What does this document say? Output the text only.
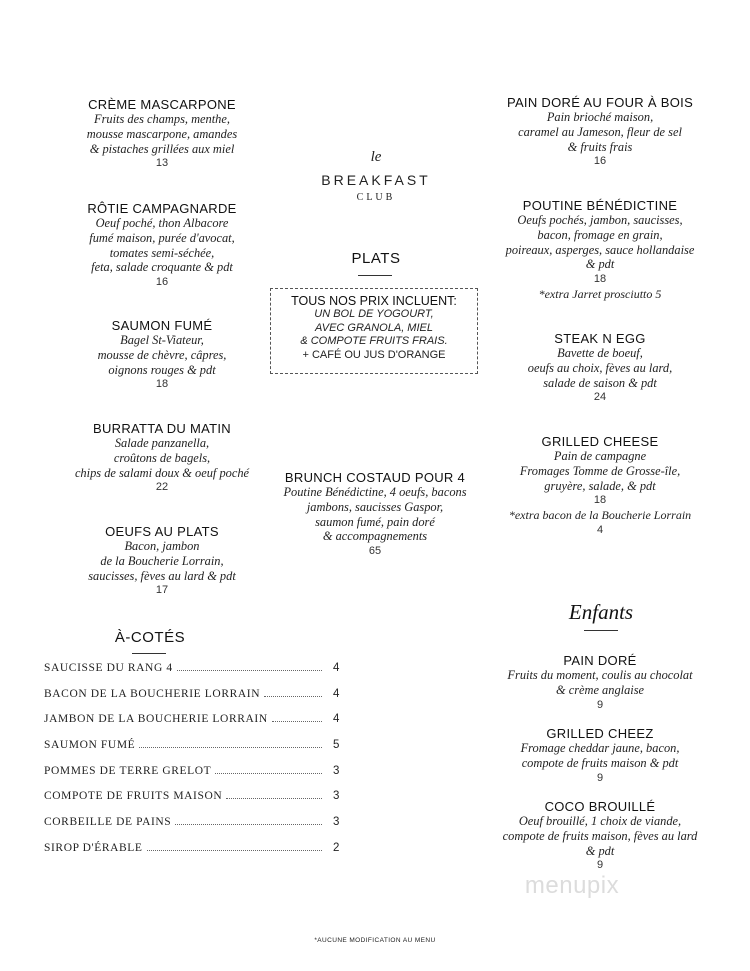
le
BREAKFAST
CLUB
CRÈME MASCARPONE
Fruits des champs, menthe,
mousse mascarpone, amandes
& pistaches grillées aux miel
13
RÔTIE CAMPAGNARDE
Oeuf poché, thon Albacore
fumé maison, purée d'avocat,
tomates semi-séchée,
feta, salade croquante & pdt
16
SAUMON FUMÉ
Bagel St-Viateur,
mousse de chèvre, câpres,
oignons rouges & pdt
18
BURRATTA DU MATIN
Salade panzanella,
croûtons de bagels,
chips de salami doux & oeuf poché
22
OEUFS AU PLATS
Bacon, jambon
de la Boucherie Lorrain,
saucisses, fèves au lard & pdt
17
PLATS
TOUS NOS PRIX INCLUENT:
UN BOL DE YOGOURT,
AVEC GRANOLA, MIEL
& COMPOTE FRUITS FRAIS.
+ CAFÉ OU JUS D'ORANGE
BRUNCH COSTAUD POUR 4
Poutine Bénédictine, 4 oeufs, bacons
jambons, saucisses Gaspor,
saumon fumé, pain doré
& accompagnements
65
PAIN DORÉ AU FOUR À BOIS
Pain brioché maison,
caramel au Jameson, fleur de sel
& fruits frais
16
POUTINE BÉNÉDICTINE
Oeufs pochés, jambon, saucisses,
bacon, fromage en grain,
poireaux, asperges, sauce hollandaise
& pdt
18
*extra Jarret prosciutto 5
STEAK N EGG
Bavette de boeuf,
oeufs au choix, fèves au lard,
salade de saison & pdt
24
GRILLED CHEESE
Pain de campagne
Fromages Tomme de Grosse-île,
gruyère, salade, & pdt
18
*extra bacon de la Boucherie Lorrain
4
À-COTÉS
SAUCISSE DU RANG 4	4
BACON DE LA BOUCHERIE LORRAIN	4
JAMBON DE LA BOUCHERIE LORRAIN	4
SAUMON FUMÉ	5
POMMES DE TERRE GRELOT	3
COMPOTE DE FRUITS MAISON	3
CORBEILLE DE PAINS	3
SIROP D'ÉRABLE	2
Enfants
PAIN DORÉ
Fruits du moment, coulis au chocolat
& crème anglaise
9
GRILLED CHEEZ
Fromage cheddar jaune, bacon,
compote de fruits maison & pdt
9
COCO BROUILLÉ
Oeuf brouillé, 1 choix de viande,
compote de fruits maison, fèves au lard
& pdt
9
menupix
*AUCUNE MODIFICATION AU MENU
